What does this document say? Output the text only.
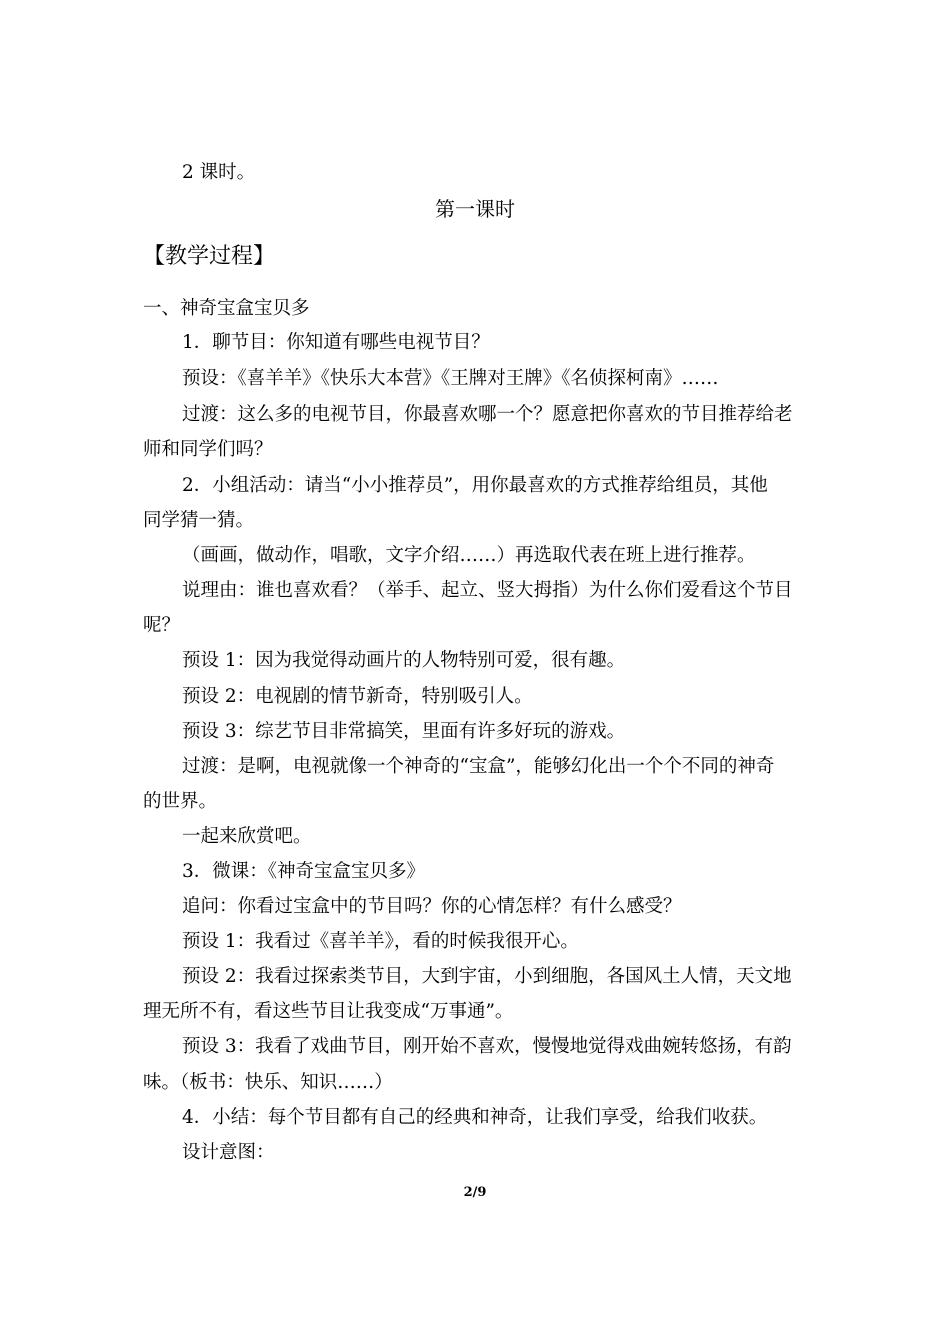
2 课时。
第一课时
【教学过程】
一、神奇宝盒宝贝多
1．聊节目：你知道有哪些电视节目？
预设：《喜羊羊》《快乐大本营》《王牌对王牌》《名侦探柯南》……
过渡：这么多的电视节目，你最喜欢哪一个？愿意把你喜欢的节目推荐给老
师和同学们吗？
2．小组活动：请当“小小推荐员”，用你最喜欢的方式推荐给组员，其他
同学猜一猜。
（画画，做动作，唱歌，文字介绍……）再选取代表在班上进行推荐。
说理由：谁也喜欢看？（举手、起立、竖大拇指）为什么你们爱看这个节目
呢？
预设 1：因为我觉得动画片的人物特别可爱，很有趣。
预设 2：电视剧的情节新奇，特别吸引人。
预设 3：综艺节目非常搞笑，里面有许多好玩的游戏。
过渡：是啊，电视就像一个神奇的“宝盒”，能够幻化出一个个不同的神奇
的世界。
一起来欣赏吧。
3．微课：《神奇宝盒宝贝多》
追问：你看过宝盒中的节目吗？你的心情怎样？有什么感受？
预设 1：我看过《喜羊羊》，看的时候我很开心。
预设 2：我看过探索类节目，大到宇宙，小到细胞，各国风土人情，天文地
理无所不有，看这些节目让我变成“万事通”。
预设 3：我看了戏曲节目，刚开始不喜欢，慢慢地觉得戏曲婉转悠扬，有韵
味。（板书：快乐、知识……）
4．小结：每个节目都有自己的经典和神奇，让我们享受，给我们收获。
设计意图：
2/9
